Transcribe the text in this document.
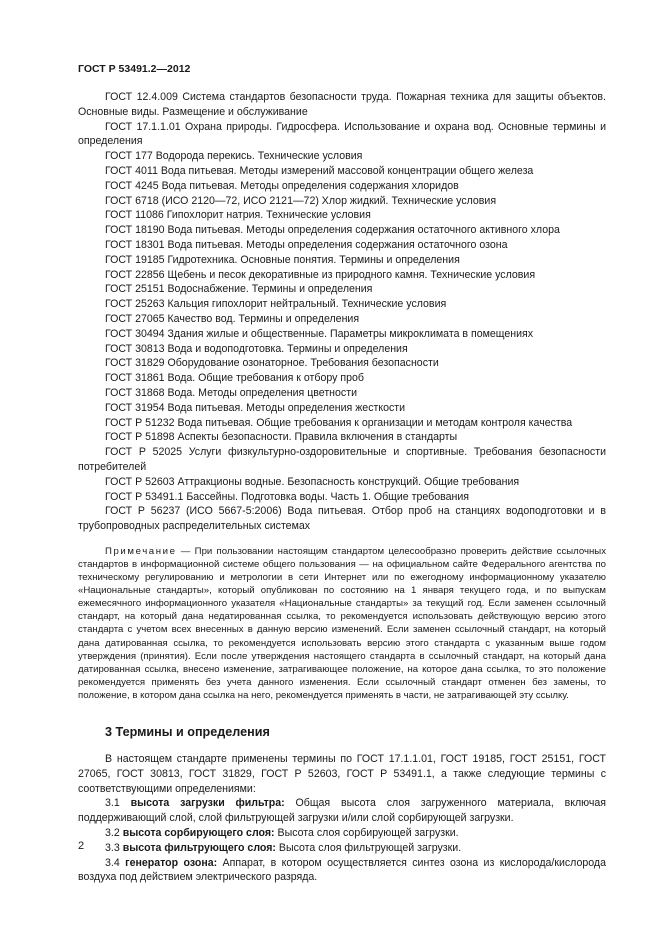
ГОСТ Р 53491.2—2012

ГОСТ 12.4.009 Система стандартов безопасности труда. Пожарная техника для защиты объектов. Основные виды. Размещение и обслуживание

ГОСТ 17.1.1.01 Охрана природы. Гидросфера. Использование и охрана вод. Основные термины и определения

ГОСТ 177 Водорода перекись. Технические условия

ГОСТ 4011 Вода питьевая. Методы измерений массовой концентрации общего железа

ГОСТ 4245 Вода питьевая. Методы определения содержания хлоридов

ГОСТ 6718 (ИСО 2120—72, ИСО 2121—72) Хлор жидкий. Технические условия

ГОСТ 11086 Гипохлорит натрия. Технические условия

ГОСТ 18190 Вода питьевая. Методы определения содержания остаточного активного хлора

ГОСТ 18301 Вода питьевая. Методы определения содержания остаточного озона

ГОСТ 19185 Гидротехника. Основные понятия. Термины и определения

ГОСТ 22856 Щебень и песок декоративные из природного камня. Технические условия

ГОСТ 25151 Водоснабжение. Термины и определения

ГОСТ 25263 Кальция гипохлорит нейтральный. Технические условия

ГОСТ 27065 Качество вод. Термины и определения

ГОСТ 30494 Здания жилые и общественные. Параметры микроклимата в помещениях

ГОСТ 30813 Вода и водоподготовка. Термины и определения

ГОСТ 31829 Оборудование озонаторное. Требования безопасности

ГОСТ 31861 Вода. Общие требования к отбору проб

ГОСТ 31868 Вода. Методы определения цветности

ГОСТ 31954 Вода питьевая. Методы определения жесткости

ГОСТ Р 51232 Вода питьевая. Общие требования к организации и методам контроля качества

ГОСТ Р 51898 Аспекты безопасности. Правила включения в стандарты

ГОСТ Р 52025 Услуги физкультурно-оздоровительные и спортивные. Требования безопасности потребителей

ГОСТ Р 52603 Аттракционы водные. Безопасность конструкций. Общие требования

ГОСТ Р 53491.1 Бассейны. Подготовка воды. Часть 1. Общие требования

ГОСТ Р 56237 (ИСО 5667-5:2006) Вода питьевая. Отбор проб на станциях водоподготовки и в трубопроводных распределительных системах

Примечание — При пользовании настоящим стандартом целесообразно проверить действие ссылочных стандартов в информационной системе общего пользования — на официальном сайте Федерального агентства по техническому регулированию и метрологии в сети Интернет или по ежегодному информационному указателю «Национальные стандарты», который опубликован по состоянию на 1 января текущего года, и по выпускам ежемесячного информационного указателя «Национальные стандарты» за текущий год. Если заменен ссылочный стандарт, на который дана недатированная ссылка, то рекомендуется использовать действующую версию этого стандарта с учетом всех внесенных в данную версию изменений. Если заменен ссылочный стандарт, на который дана датированная ссылка, то рекомендуется использовать версию этого стандарта с указанным выше годом утверждения (принятия). Если после утверждения настоящего стандарта в ссылочный стандарт, на который дана датированная ссылка, внесено изменение, затрагивающее положение, на которое дана ссылка, то это положение рекомендуется применять без учета данного изменения. Если ссылочный стандарт отменен без замены, то положение, в котором дана ссылка на него, рекомендуется применять в части, не затрагивающей эту ссылку.
3 Термины и определения

В настоящем стандарте применены термины по ГОСТ 17.1.1.01, ГОСТ 19185, ГОСТ 25151, ГОСТ 27065, ГОСТ 30813, ГОСТ 31829, ГОСТ Р 52603, ГОСТ Р 53491.1, а также следующие термины с соответствующими определениями:

3.1 высота загрузки фильтра: Общая высота слоя загруженного материала, включая поддерживающий слой, слой фильтрующей загрузки и/или слой сорбирующей загрузки.

3.2 высота сорбирующего слоя: Высота слоя сорбирующей загрузки.

3.3 высота фильтрующего слоя: Высота слоя фильтрующей загрузки.

3.4 генератор озона: Аппарат, в котором осуществляется синтез озона из кислорода/кислорода воздуха под действием электрического разряда.

2
